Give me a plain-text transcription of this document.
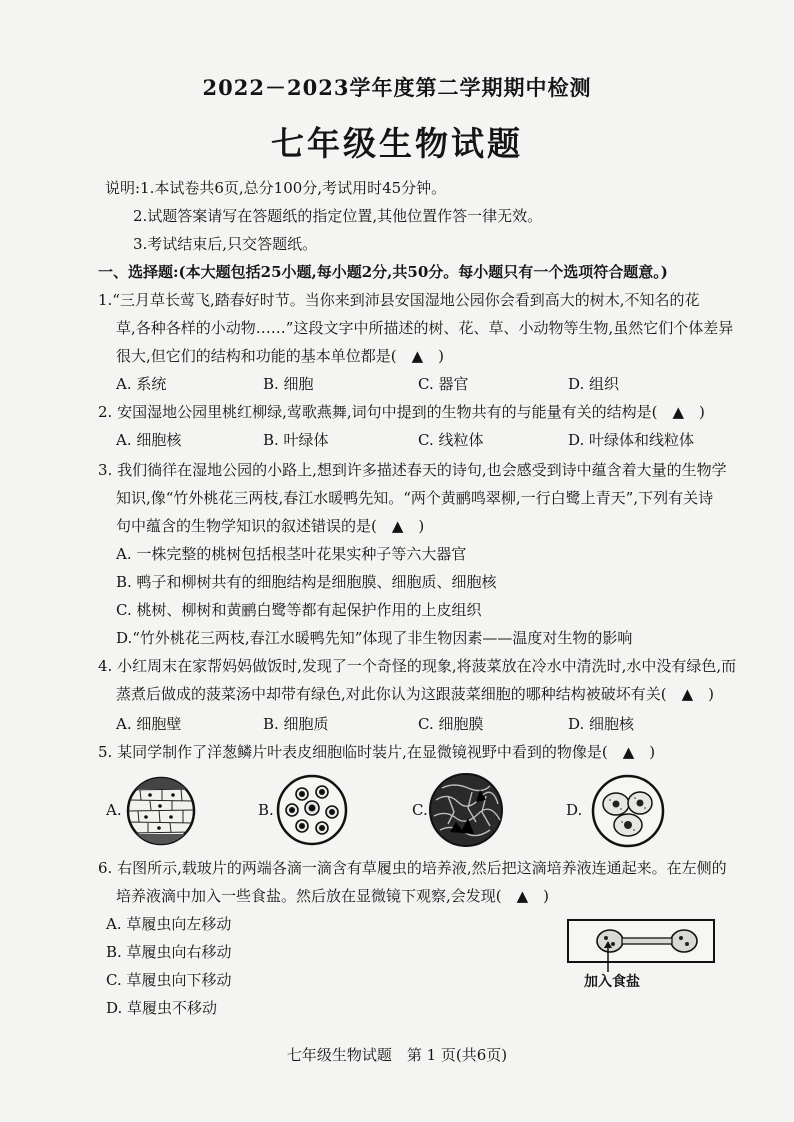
2022－2023学年度第二学期期中检测
七年级生物试题
说明:1.本试卷共6页,总分100分,考试用时45分钟。
2.试题答案请写在答题纸的指定位置,其他位置作答一律无效。
3.考试结束后,只交答题纸。
一、选择题:(本大题包括25小题,每小题2分,共50分。每小题只有一个选项符合题意。)
1.“三月草长莺飞,踏春好时节。当你来到沛县安国湿地公园你会看到高大的树木,不知名的花
草,各种各样的小动物……”这段文字中所描述的树、花、草、小动物等生物,虽然它们个体差异
很大,但它们的结构和功能的基本单位都是(　▲　)
A. 系统	B. 细胞	C. 器官	D. 组织
2. 安国湿地公园里桃红柳绿,莺歌燕舞,词句中提到的生物共有的与能量有关的结构是(　▲　)
A. 细胞核	B. 叶绿体	C. 线粒体	D. 叶绿体和线粒体
3. 我们徜徉在湿地公园的小路上,想到许多描述春天的诗句,也会感受到诗中蕴含着大量的生物学
知识,像“竹外桃花三两枝,春江水暖鸭先知。“两个黄鹂鸣翠柳,一行白鹭上青天”,下列有关诗
句中蕴含的生物学知识的叙述错误的是(　▲　)
A. 一株完整的桃树包括根茎叶花果实种子等六大器官
B. 鸭子和柳树共有的细胞结构是细胞膜、细胞质、细胞核
C. 桃树、柳树和黄鹂白鹭等都有起保护作用的上皮组织
D.“竹外桃花三两枝,春江水暖鸭先知”体现了非生物因素——温度对生物的影响
4. 小红周末在家帮妈妈做饭时,发现了一个奇怪的现象,将菠菜放在冷水中清洗时,水中没有绿色,而
蒸煮后做成的菠菜汤中却带有绿色,对此你认为这跟菠菜细胞的哪种结构被破坏有关(　▲　)
A. 细胞壁	B. 细胞质	C. 细胞膜	D. 细胞核
5. 某同学制作了洋葱鳞片叶表皮细胞临时装片,在显微镜视野中看到的物像是(　▲　)
A.	B.	C.	D.
6. 右图所示,载玻片的两端各滴一滴含有草履虫的培养液,然后把这滴培养液连通起来。在左侧的
培养液滴中加入一些食盐。然后放在显微镜下观察,会发现(　▲　)
A. 草履虫向左移动
B. 草履虫向右移动
C. 草履虫向下移动
D. 草履虫不移动
加入食盐
七年级生物试题　第 1 页(共6页)
